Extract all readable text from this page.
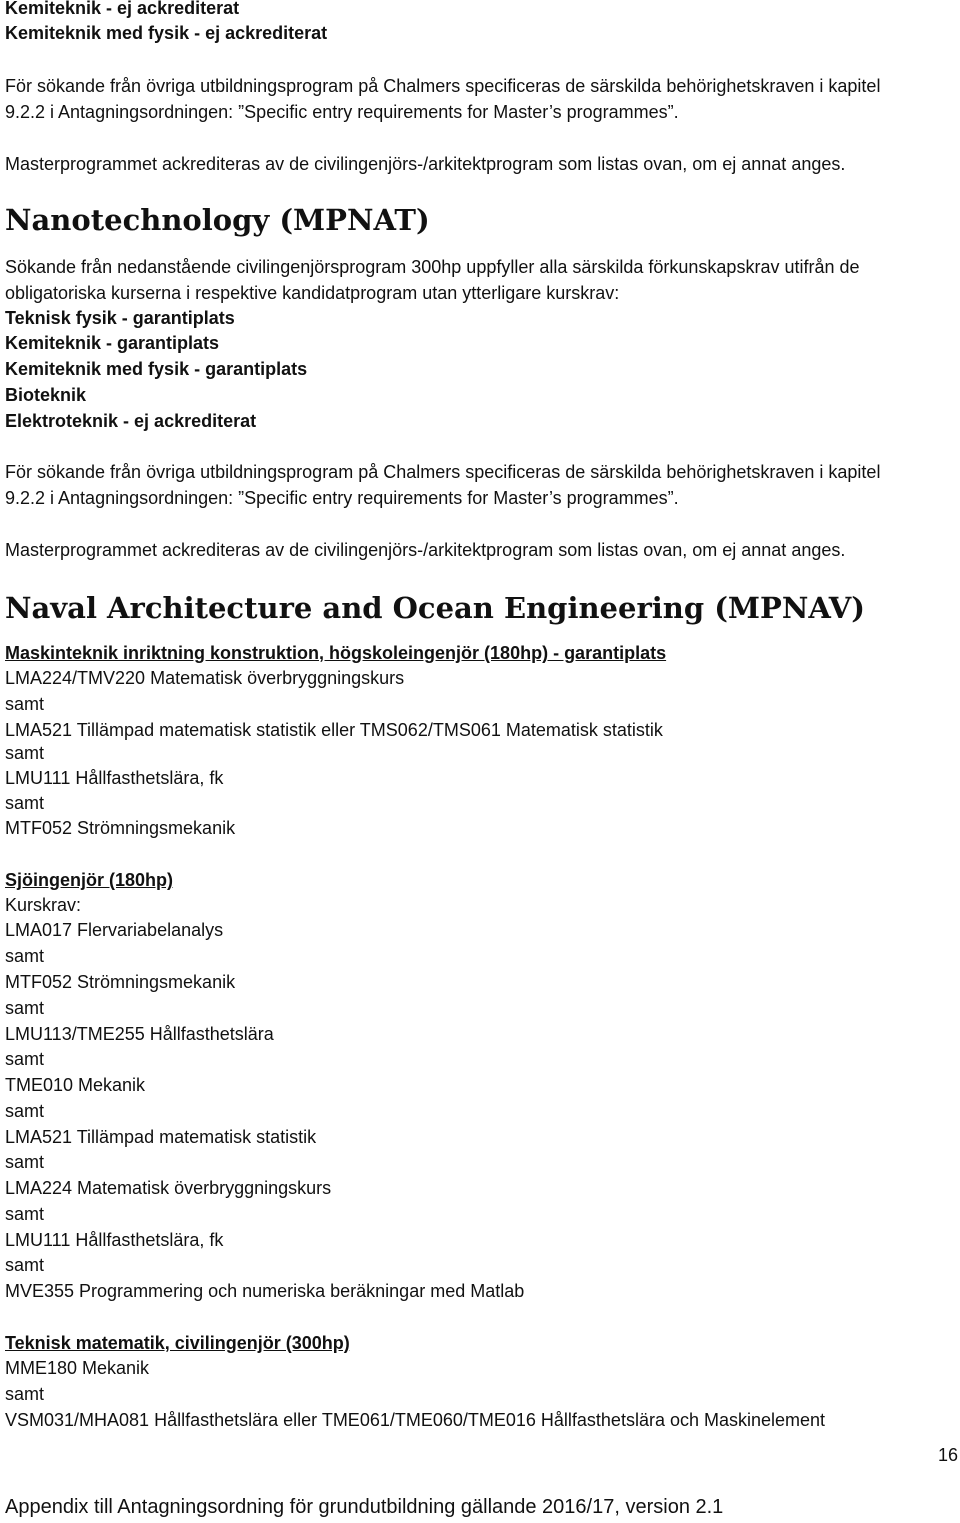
Kemiteknik - ej ackrediterat
Kemiteknik med fysik - ej ackrediterat
För sökande från övriga utbildningsprogram på Chalmers specificeras de särskilda behörighetskraven i kapitel
9.2.2 i Antagningsordningen: ”Specific entry requirements for Master’s programmes”.
Masterprogrammet ackrediteras av de civilingenjörs-/arkitektprogram som listas ovan, om ej annat anges.
Nanotechnology (MPNAT)
Sökande från nedanstående civilingenjörsprogram 300hp uppfyller alla särskilda förkunskapskrav utifrån de
obligatoriska kurserna i respektive kandidatprogram utan ytterligare kurskrav:
Teknisk fysik - garantiplats
Kemiteknik - garantiplats
Kemiteknik med fysik - garantiplats
Bioteknik
Elektroteknik - ej ackrediterat
För sökande från övriga utbildningsprogram på Chalmers specificeras de särskilda behörighetskraven i kapitel
9.2.2 i Antagningsordningen: ”Specific entry requirements for Master’s programmes”.
Masterprogrammet ackrediteras av de civilingenjörs-/arkitektprogram som listas ovan, om ej annat anges.
Naval Architecture and Ocean Engineering (MPNAV)
Maskinteknik inriktning konstruktion, högskoleingenjör (180hp) - garantiplats
LMA224/TMV220 Matematisk överbryggningskurs
samt
LMA521 Tillämpad matematisk statistik eller TMS062/TMS061 Matematisk statistik
samt
LMU111 Hållfasthetslära, fk
samt
MTF052 Strömningsmekanik
Sjöingenjör (180hp)
Kurskrav:
LMA017 Flervariabelanalys
samt
MTF052 Strömningsmekanik
samt
LMU113/TME255 Hållfasthetslära
samt
TME010 Mekanik
samt
LMA521 Tillämpad matematisk statistik
samt
LMA224 Matematisk överbryggningskurs
samt
LMU111 Hållfasthetslära, fk
samt
MVE355 Programmering och numeriska beräkningar med Matlab
Teknisk matematik, civilingenjör (300hp)
MME180 Mekanik
samt
VSM031/MHA081 Hållfasthetslära eller TME061/TME060/TME016 Hållfasthetslära och Maskinelement
16
Appendix till Antagningsordning för grundutbildning gällande 2016/17, version 2.1
